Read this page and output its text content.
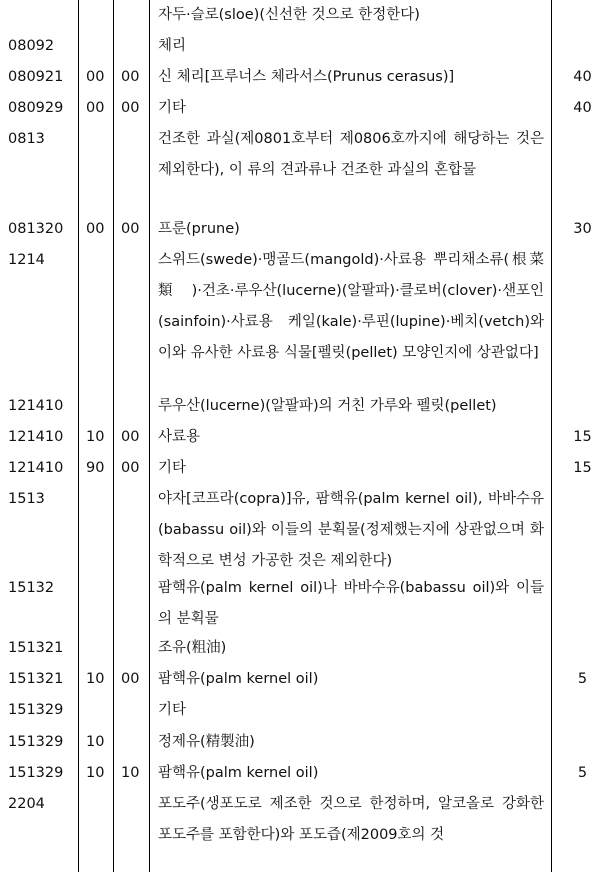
자두·슬로(sloe)(신선한 것으로 한정한다)
08092	체리
080921 00 00 신 체리[프루너스 체라서스(Prunus cerasus)]	40
080929 00 00 기타	40
0813	건조한 과실(제0801호부터 제0806호까지에 해당하는 것은 제외한다), 이 류의 견과류나 건조한 과실의 혼합물
081320 00 00 프룬(prune)	30
1214	스위드(swede)·맹골드(mangold)·사료용 뿌리채소류(根菜類)·건초·루우산(lucerne)(알팔파)·클로버(clover)·샌포인(sainfoin)·사료용 케일(kale)·루핀(lupine)·베치(vetch)와 이와 유사한 사료용 식물[펠릿(pellet) 모양인지에 상관없다]
121410	루우산(lucerne)(알팔파)의 거친 가루와 펠릿(pellet)
121410 10 00 사료용	15
121410 90 00 기타	15
1513	야자[코프라(copra)]유, 팜핵유(palm kernel oil), 바바수유(babassu oil)와 이들의 분획물(정제했는지에 상관없으며 화학적으로 변성 가공한 것은 제외한다)
15132	팜핵유(palm kernel oil)나 바바수유(babassu oil)와 이들의 분획물
151321	조유(粗油)
151321 10 00 팜핵유(palm kernel oil)	5
151329	기타
151329 10	정제유(精製油)
151329 10 10 팜핵유(palm kernel oil)	5
2204	포도주(생포도로 제조한 것으로 한정하며, 알코올로 강화한 포도주를 포함한다)와 포도즙(제2009호의 것
